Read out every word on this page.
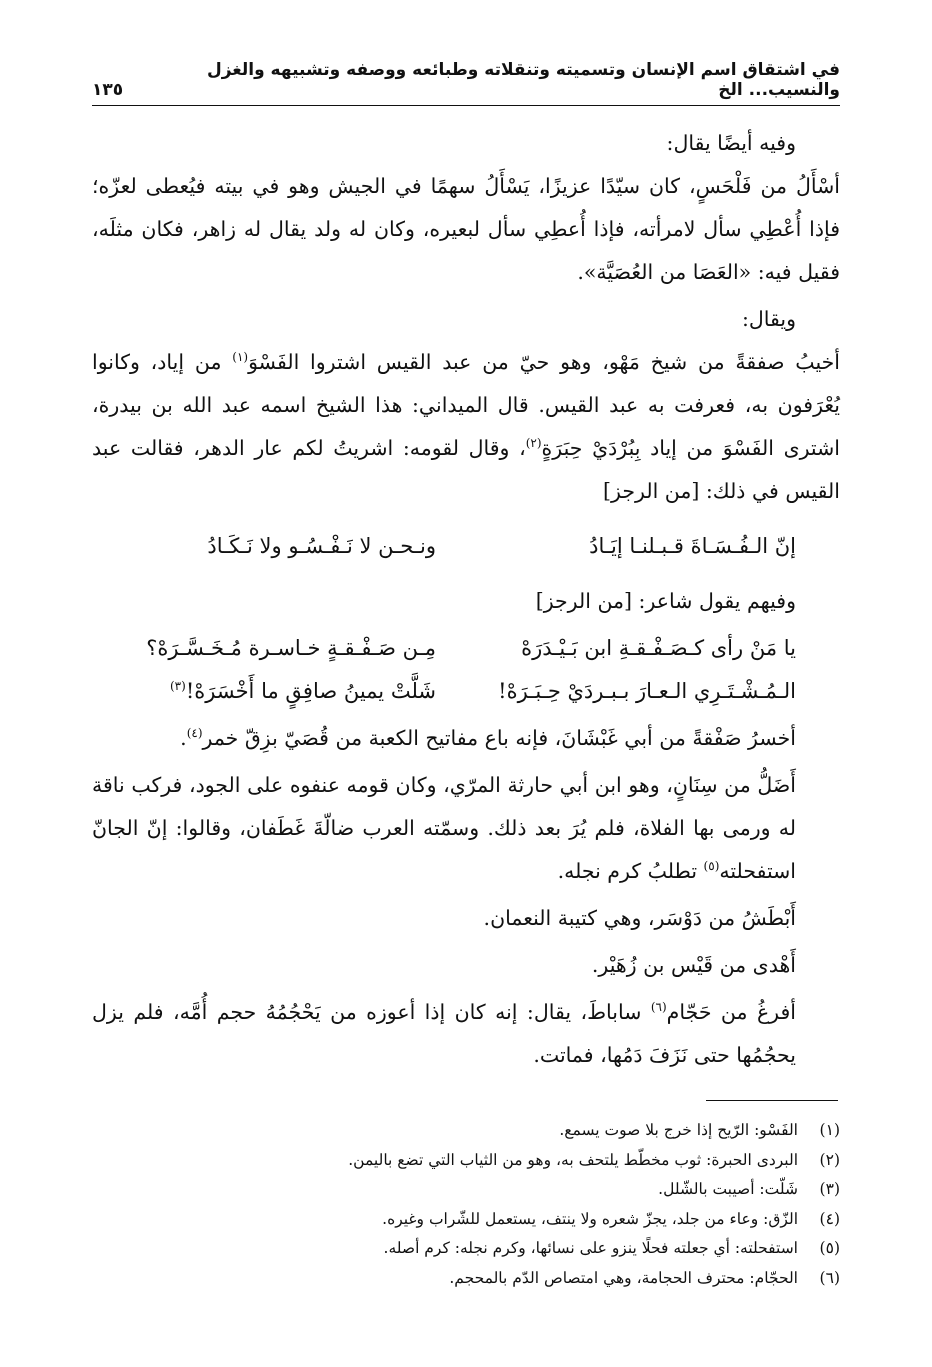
في اشتقاق اسم الإنسان وتسميته وتنقلاته وطبائعه ووصفه وتشبيهه والغزل والنسيب... الخ
١٣٥

وفيه أيضًا يقال:

أسْأَلُ من فَلْحَسٍ، كان سيّدًا عزيزًا، يَسْأَلُ سهمًا في الجيش وهو في بيته فيُعطى لعزّه؛ فإذا أُعْطِي سأل لامرأته، فإذا أُعطِي سأل لبعيره، وكان له ولد يقال له زاهر، فكان مثلَه، فقيل فيه: «العَصَا من العُصَيَّة».

ويقال:

أخيبُ صفقةً من شيخ مَهْو، وهو حيّ من عبد القيس اشتروا الفَسْوَ$^{(١)}$ من إياد، وكانوا يُعْرَفون به، فعرفت به عبد القيس. قال الميداني: هذا الشيخ اسمه عبد الله بن بيدرة، اشترى الفَسْوَ من إياد بِبُرْدَيْ حِبَرَةٍ$^{(٢)}$، وقال لقومه: اشريتُ لكم عار الدهر، فقالت عبد القيس في ذلك: [من الرجز]

إنّ الـفُـسَـاةَ قـبـلنـا إيَـادُ
ونـحـن لا نَـفْـسُـو ولا نَـكَـادُ

وفيهم يقول شاعر: [من الرجز]

يا مَنْ رأى كـصَـفْـقـةِ ابن بَـيْـدَرَهْ
مِـن صَـفْـقـةٍ خـاسـرة مُـخَـسَّـرَهْ؟
الـمُـشْـتَـرِي الـعـارَ بـبـردَيْ حِـبَـرَهْ!
شَلَّتْ يمينُ صافِقٍ ما أَخْسَرَهْ!$^{(٣)}$

أخسرُ صَفْقةً من أبي غَبْشَانَ، فإنه باع مفاتيح الكعبة من قُصَيّ بزِقّ خمر$^{(٤)}$.

أَضَلُّ من سِنَانٍ، وهو ابن أبي حارثة المرّي، وكان قومه عنفوه على الجود، فركب ناقة له ورمى بها الفلاة، فلم يُرَ بعد ذلك. وسمّته العرب ضالّةَ غَطَفان، وقالوا: إنّ الجانّ استفحلته$^{(٥)}$ تطلبُ كرم نجله.

أَبْطَشُ من دَوْسَر، وهي كتيبة النعمان.

أَهْدى من قَيْس بن زُهَيْر.

أفرغُ من حَجّام$^{(٦)}$ ساباطَ، يقال: إنه كان إذا أعوزه من يَحْجُمُهُ حجم أُمَّه، فلم يزل يحجُمُها حتى نَزَفَ دَمُها، فماتت.

(١)
الفَسْو: الرّيح إذا خرج بلا صوت يسمع.
(٢)
البردى الحبرة: ثوب مخطّط يلتحف به، وهو من الثياب التي تضع باليمن.
(٣)
شَلّت: أصيبت بالشّلل.
(٤)
الزّق: وعاء من جلد، يجزّ شعره ولا ينتف، يستعمل للشّراب وغيره.
(٥)
استفحلته: أي جعلته فحلًا ينزو على نسائها، وكرم نجله: كرم أصله.
(٦)
الحجّام: محترف الحجامة، وهي امتصاص الدّم بالمحجم.
